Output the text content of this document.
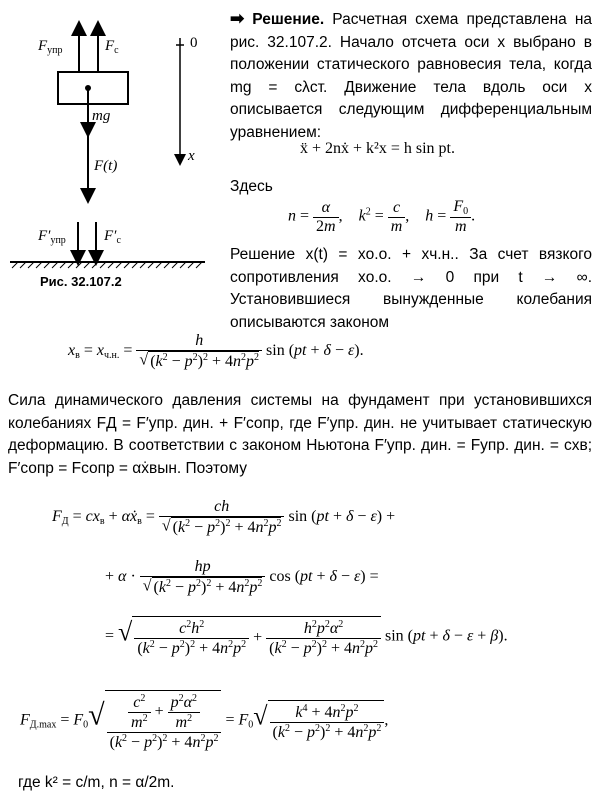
$F_{упр}$	$F_с$
mg
F(t)
0
x
$F'_{упр}$	$F'_с$
Рис. 32.107.2
➡ Решение. Расчетная схема представлена на рис. 32.107.2. Начало отсчета оси x выбрано в положении статического равновесия тела, когда mg = cλст. Движение тела вдоль оси x описывается следующим дифференциальным уравнением:
ẍ + 2nẋ + k²x = h sin pt.
Здесь
$n = \frac{\alpha}{2m}$ ,    $k^2 = \frac{c}{m}$ ,    $h = \frac{F_0}{m}$ .
Решение x(t) = xо.о. + xч.н.. За счет вязкого сопротивления xо.о. → 0 при t → ∞. Установившиеся вынужденные колебания описываются законом
$x_в = x_{ч.н.} = \frac{h}{√ (k^2 - p^2)^2 + 4n^2p^2}$ sin (pt + δ − ε).
Сила динамического давления системы на фундамент при установившихся колебаниях FД = F′упр. дин. + F′сопр, где F′упр. дин. не учитывает статическую деформацию. В соответствии с законом Ньютона F′упр. дин. = Fупр. дин. = cxв; F′сопр = Fсопр = αẋвын. Поэтому
$F_Д = cx_в$ + αẋ$_в$ = $\frac{ch}{√ (k^2 - p^2)^2 + 4n^2p^2}$ sin (pt + δ − ε) +
+ $\alpha \cdot \frac{hp}{√ (k^2 - p^2)^2 + 4n^2p^2}$ cos (pt + δ − ε) =
= √ $\frac{c^2h^2}{(k^2 - p^2)^2 + 4n^2p^2} + \frac{h^2p^2\alpha^2}{(k^2 - p^2)^2 + 4n^2p^2}$ sin (pt + δ − ε + β).
$F_{Д.max} = F_0√ \frac{\frac{c^2}{m^2} + \frac{p^2\alpha^2}{m^2}}{(k^2 - p^2)^2 + 4n^2p^2} = F_0√ \frac{k^4 + 4n^2p^2}{(k^2 - p^2)^2 + 4n^2p^2}$ ,
где k² = c/m, n = α/2m.
